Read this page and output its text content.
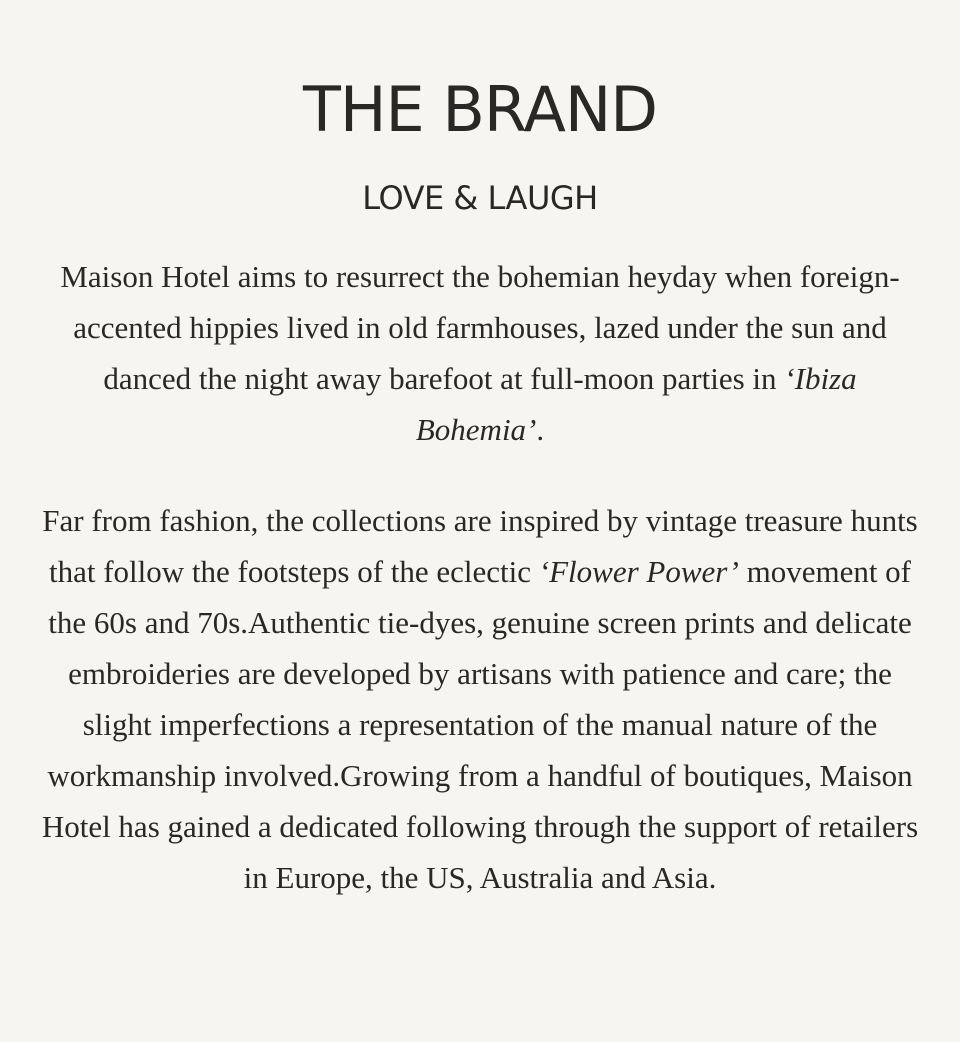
THE BRAND
LOVE & LAUGH

Maison Hotel aims to resurrect the bohemian heyday when foreign-accented hippies lived in old farmhouses, lazed under the sun and danced the night away barefoot at full-moon parties in ‘Ibiza Bohemia’.

Far from fashion, the collections are inspired by vintage treasure hunts that follow the footsteps of the eclectic ‘Flower Power’ movement of the 60s and 70s.Authentic tie-dyes, genuine screen prints and delicate embroideries are developed by artisans with patience and care; the slight imperfections a representation of the manual nature of the workmanship involved.Growing from a handful of boutiques, Maison Hotel has gained a dedicated following through the support of retailers in Europe, the US, Australia and Asia.
